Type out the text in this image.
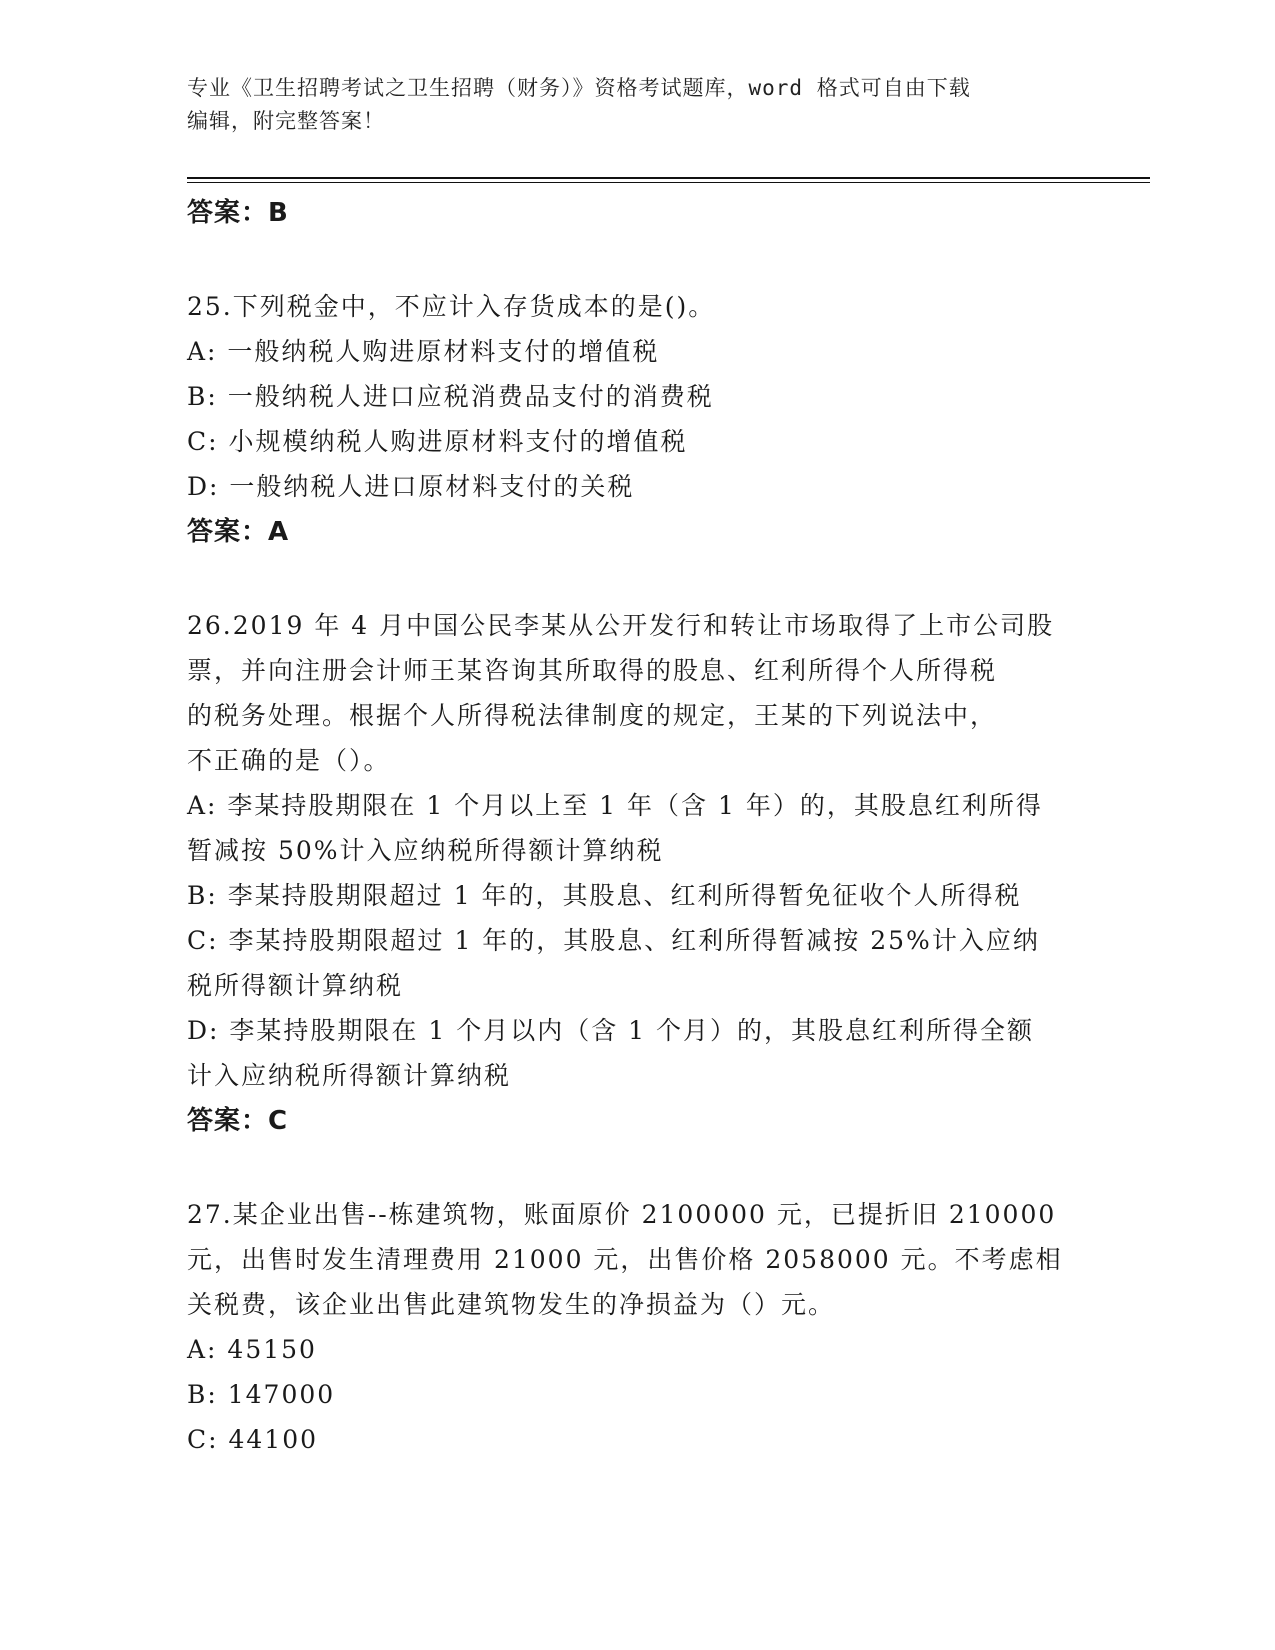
专业《卫生招聘考试之卫生招聘（财务）》资格考试题库，word 格式可自由下载
编辑，附完整答案！

答案：B

25.下列税金中，不应计入存货成本的是()。

A: 一般纳税人购进原材料支付的增值税

B: 一般纳税人进口应税消费品支付的消费税

C: 小规模纳税人购进原材料支付的增值税

D: 一般纳税人进口原材料支付的关税

答案：A

26.2019 年 4 月中国公民李某从公开发行和转让市场取得了上市公司股

票，并向注册会计师王某咨询其所取得的股息、红利所得个人所得税

的税务处理。根据个人所得税法律制度的规定，王某的下列说法中，

不正确的是（）。

A: 李某持股期限在 1 个月以上至 1 年（含 1 年）的，其股息红利所得

暂减按 50%计入应纳税所得额计算纳税

B: 李某持股期限超过 1 年的，其股息、红利所得暂免征收个人所得税

C: 李某持股期限超过 1 年的，其股息、红利所得暂减按 25%计入应纳

税所得额计算纳税

D: 李某持股期限在 1 个月以内（含 1 个月）的，其股息红利所得全额

计入应纳税所得额计算纳税

答案：C

27.某企业出售--栋建筑物，账面原价 2100000 元，已提折旧 210000

元，出售时发生清理费用 21000 元，出售价格 2058000 元。不考虑相

关税费，该企业出售此建筑物发生的净损益为（）元。

A: 45150

B: 147000

C: 44100
